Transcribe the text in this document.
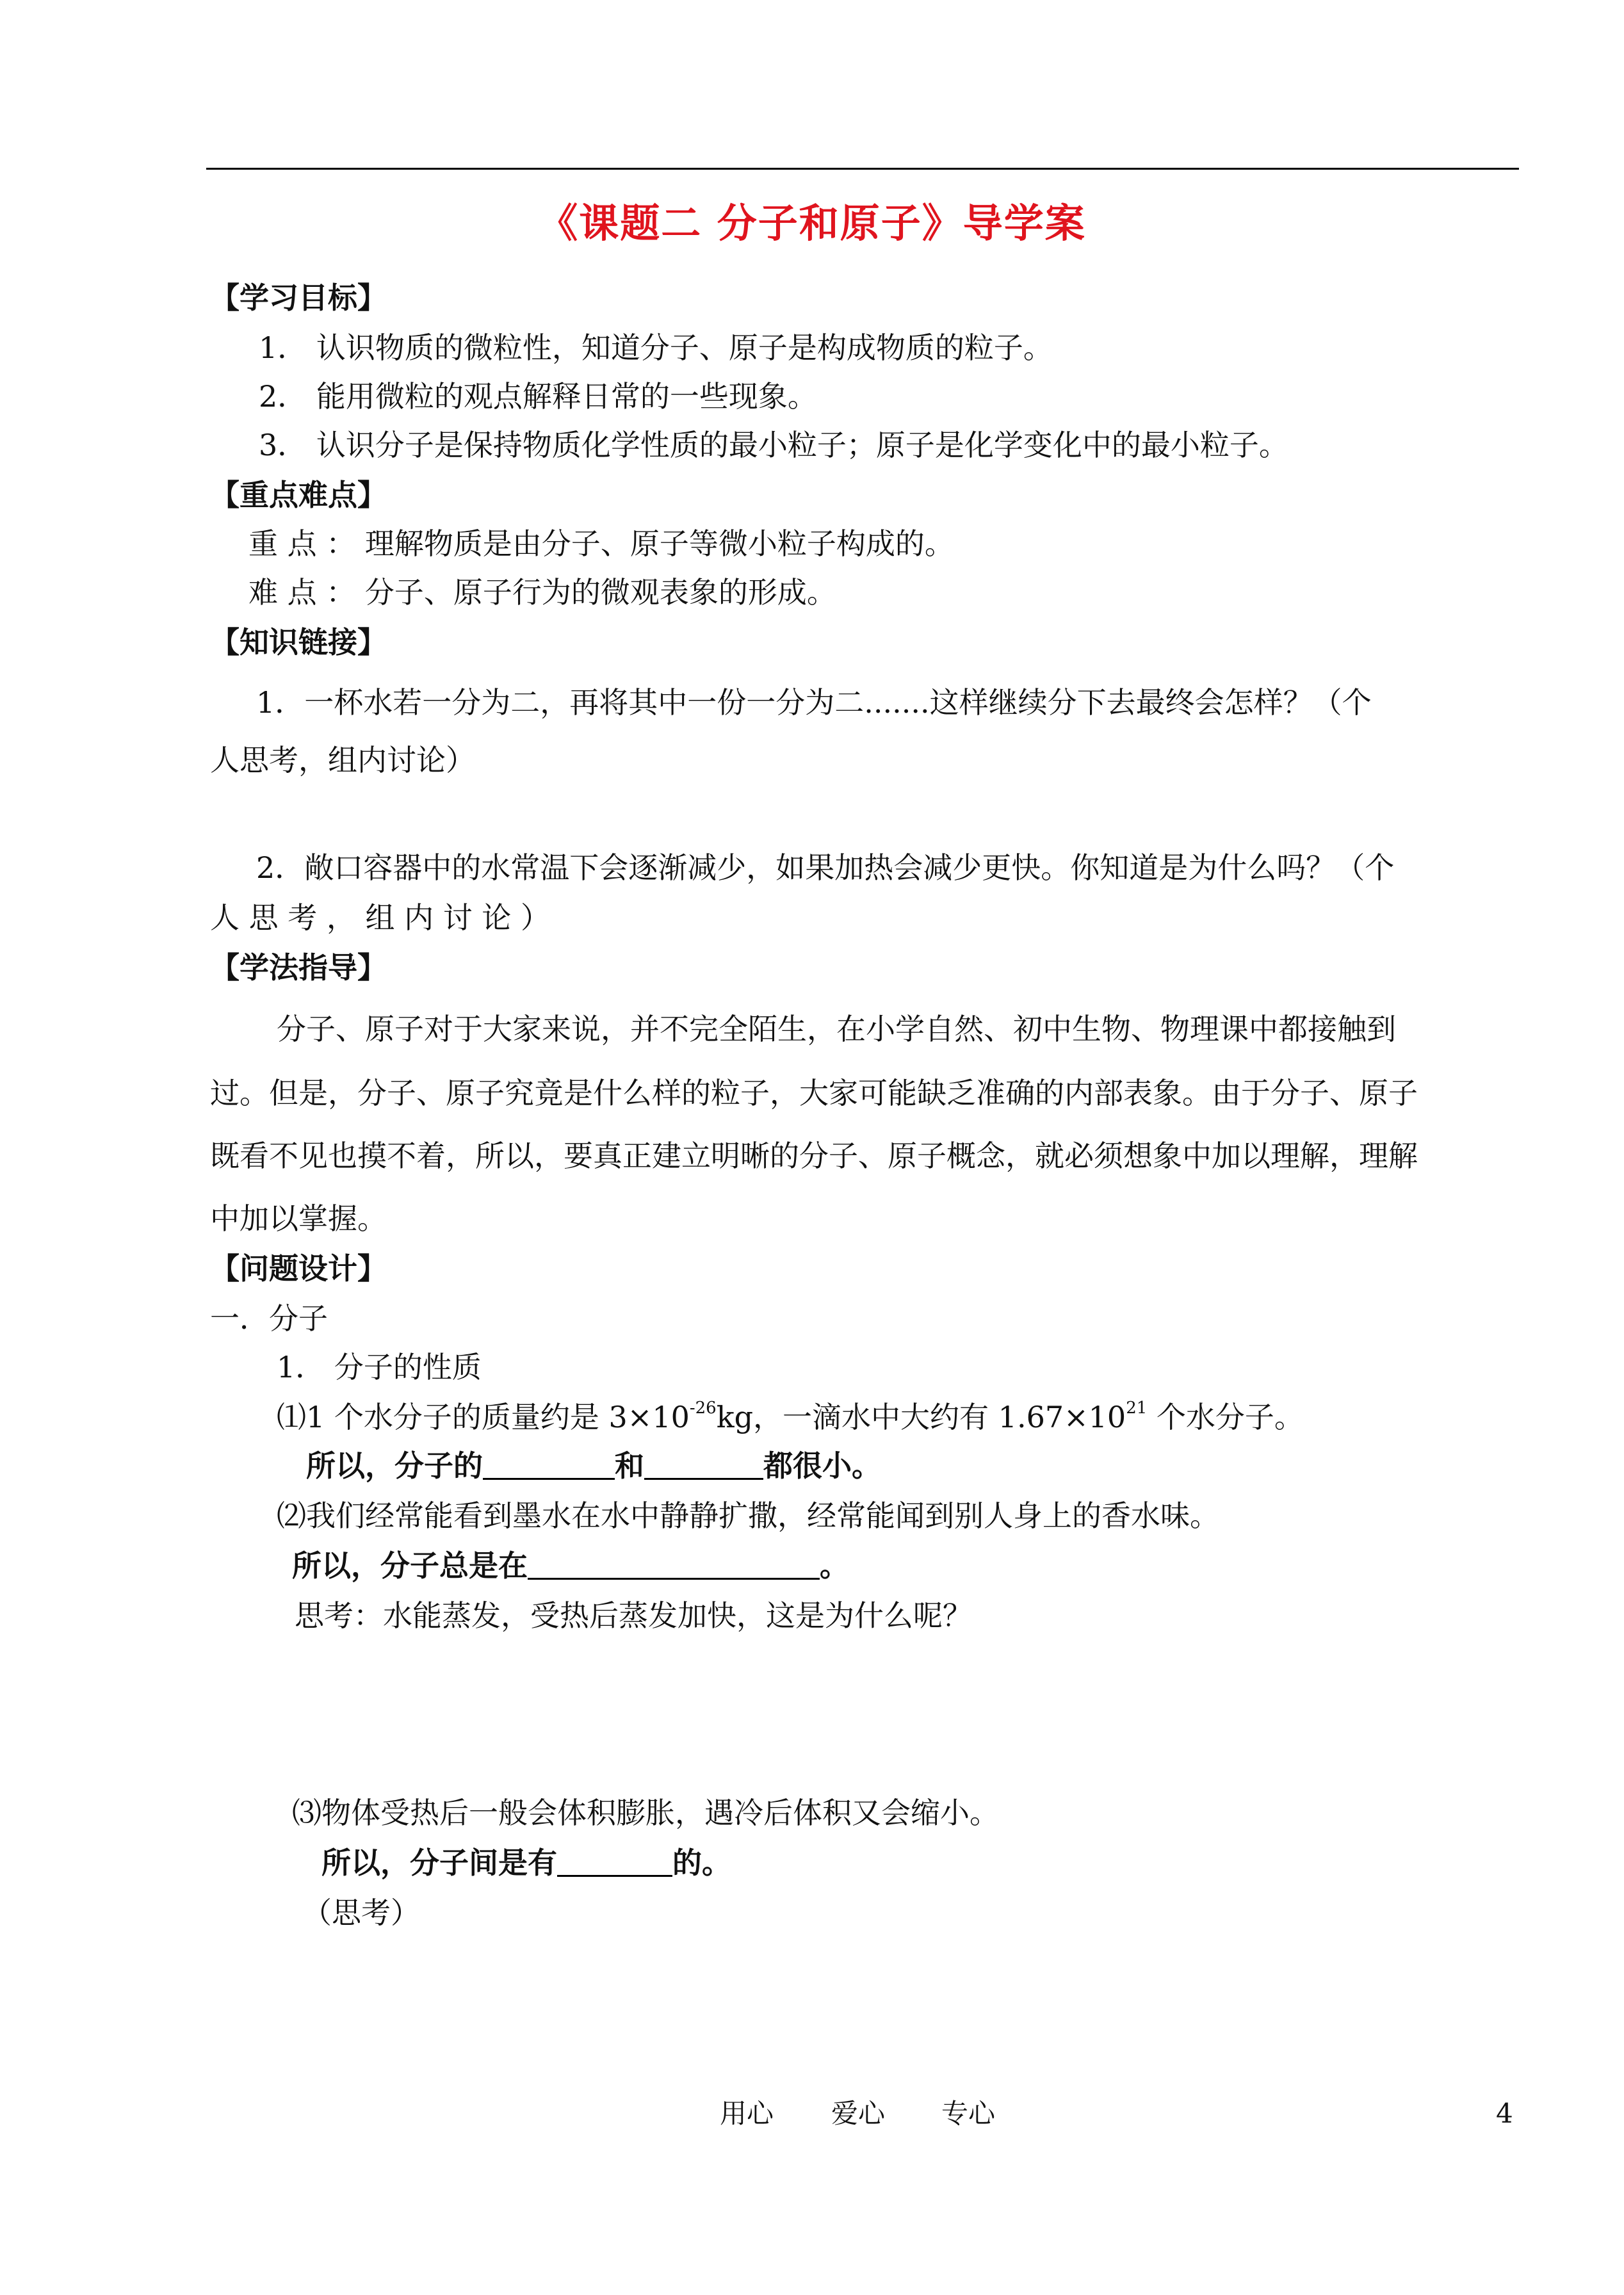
《课题二 分子和原子》导学案
【学习目标】
1． 认识物质的微粒性，知道分子、原子是构成物质的粒子。
2． 能用微粒的观点解释日常的一些现象。
3． 认识分子是保持物质化学性质的最小粒子；原子是化学变化中的最小粒子。
【重点难点】
重 点 ： 理解物质是由分子、原子等微小粒子构成的。
难 点 ： 分子、原子行为的微观表象的形成。
【知识链接】
1．一杯水若一分为二，再将其中一份一分为二.......这样继续分下去最终会怎样？（个
人思考，组内讨论）
2．敞口容器中的水常温下会逐渐减少，如果加热会减少更快。你知道是为什么吗？（个
人 思 考 ， 组 内 讨 论 ）
【学法指导】
分子、原子对于大家来说，并不完全陌生，在小学自然、初中生物、物理课中都接触到
过。但是，分子、原子究竟是什么样的粒子，大家可能缺乏准确的内部表象。由于分子、原子
既看不见也摸不着，所以，要真正建立明晰的分子、原子概念，就必须想象中加以理解，理解
中加以掌握。
【问题设计】
一．分子
1． 分子的性质
⑴1 个水分子的质量约是 $3\times 10^{-26}kg$，一滴水中大约有 $1.67\times 10^{21}$ 个水分子。
所以，分子的	和	都很小。
⑵我们经常能看到墨水在水中静静扩撒，经常能闻到别人身上的香水味。
所以，分子总是在	。
思考：水能蒸发，受热后蒸发加快，这是为什么呢？
⑶物体受热后一般会体积膨胀，遇冷后体积又会缩小。
所以，分子间是有	的。
（思考）
用心 爱心 专心	4
